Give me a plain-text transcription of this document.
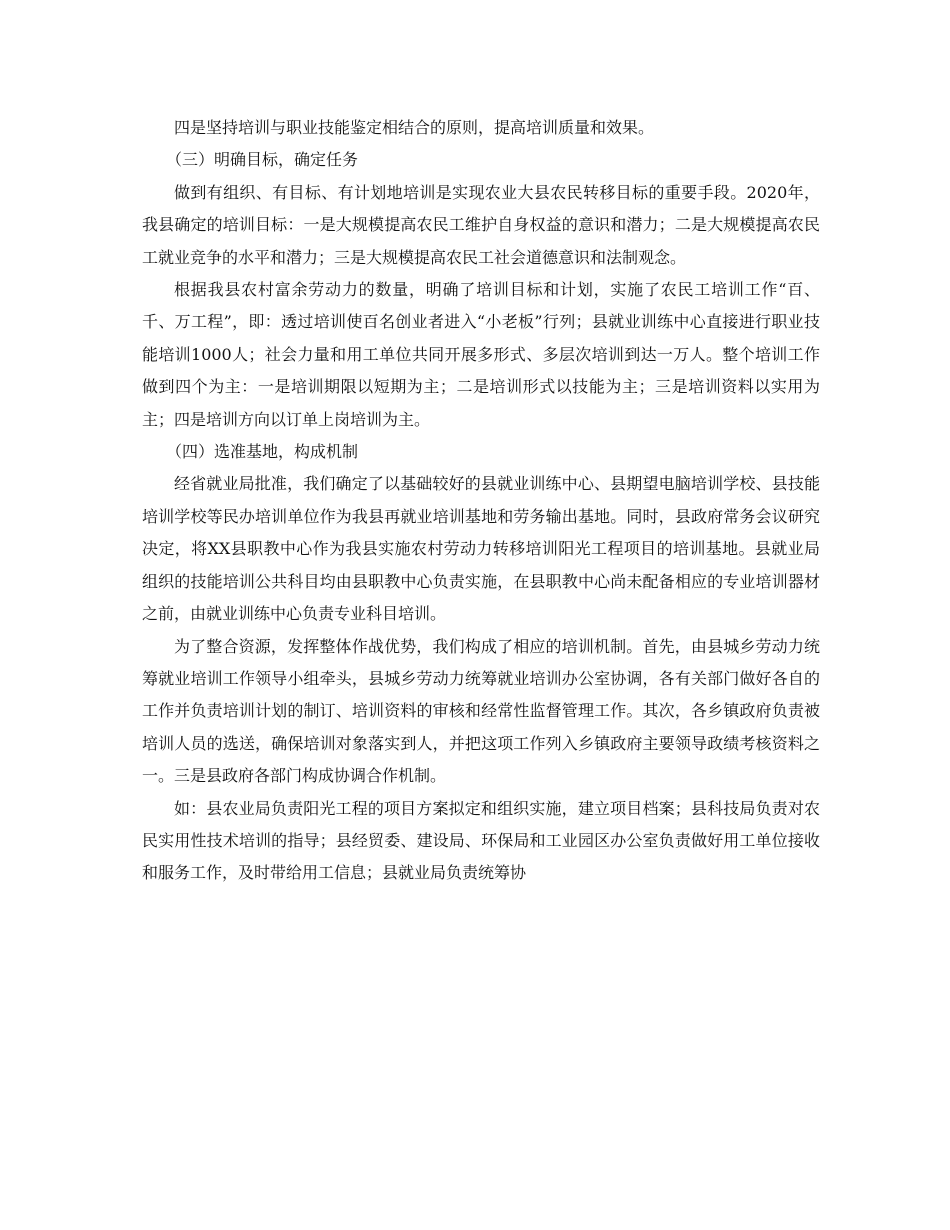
四是坚持培训与职业技能鉴定相结合的原则，提高培训质量和效果。

（三）明确目标，确定任务

做到有组织、有目标、有计划地培训是实现农业大县农民转移目标的重要手段。2020年，我县确定的培训目标：一是大规模提高农民工维护自身权益的意识和潜力；二是大规模提高农民工就业竞争的水平和潜力；三是大规模提高农民工社会道德意识和法制观念。

根据我县农村富余劳动力的数量，明确了培训目标和计划，实施了农民工培训工作“百、千、万工程”，即：透过培训使百名创业者进入“小老板”行列；县就业训练中心直接进行职业技能培训1000人；社会力量和用工单位共同开展多形式、多层次培训到达一万人。整个培训工作做到四个为主：一是培训期限以短期为主；二是培训形式以技能为主；三是培训资料以实用为主；四是培训方向以订单上岗培训为主。

（四）选准基地，构成机制

经省就业局批准，我们确定了以基础较好的县就业训练中心、县期望电脑培训学校、县技能培训学校等民办培训单位作为我县再就业培训基地和劳务输出基地。同时，县政府常务会议研究决定，将XX县职教中心作为我县实施农村劳动力转移培训阳光工程项目的培训基地。县就业局组织的技能培训公共科目均由县职教中心负责实施，在县职教中心尚未配备相应的专业培训器材之前，由就业训练中心负责专业科目培训。

为了整合资源，发挥整体作战优势，我们构成了相应的培训机制。首先，由县城乡劳动力统筹就业培训工作领导小组牵头，县城乡劳动力统筹就业培训办公室协调，各有关部门做好各自的工作并负责培训计划的制订、培训资料的审核和经常性监督管理工作。其次，各乡镇政府负责被培训人员的选送，确保培训对象落实到人，并把这项工作列入乡镇政府主要领导政绩考核资料之一。三是县政府各部门构成协调合作机制。

如：县农业局负责阳光工程的项目方案拟定和组织实施，建立项目档案；县科技局负责对农民实用性技术培训的指导；县经贸委、建设局、环保局和工业园区办公室负责做好用工单位接收和服务工作，及时带给用工信息；县就业局负责统筹协
